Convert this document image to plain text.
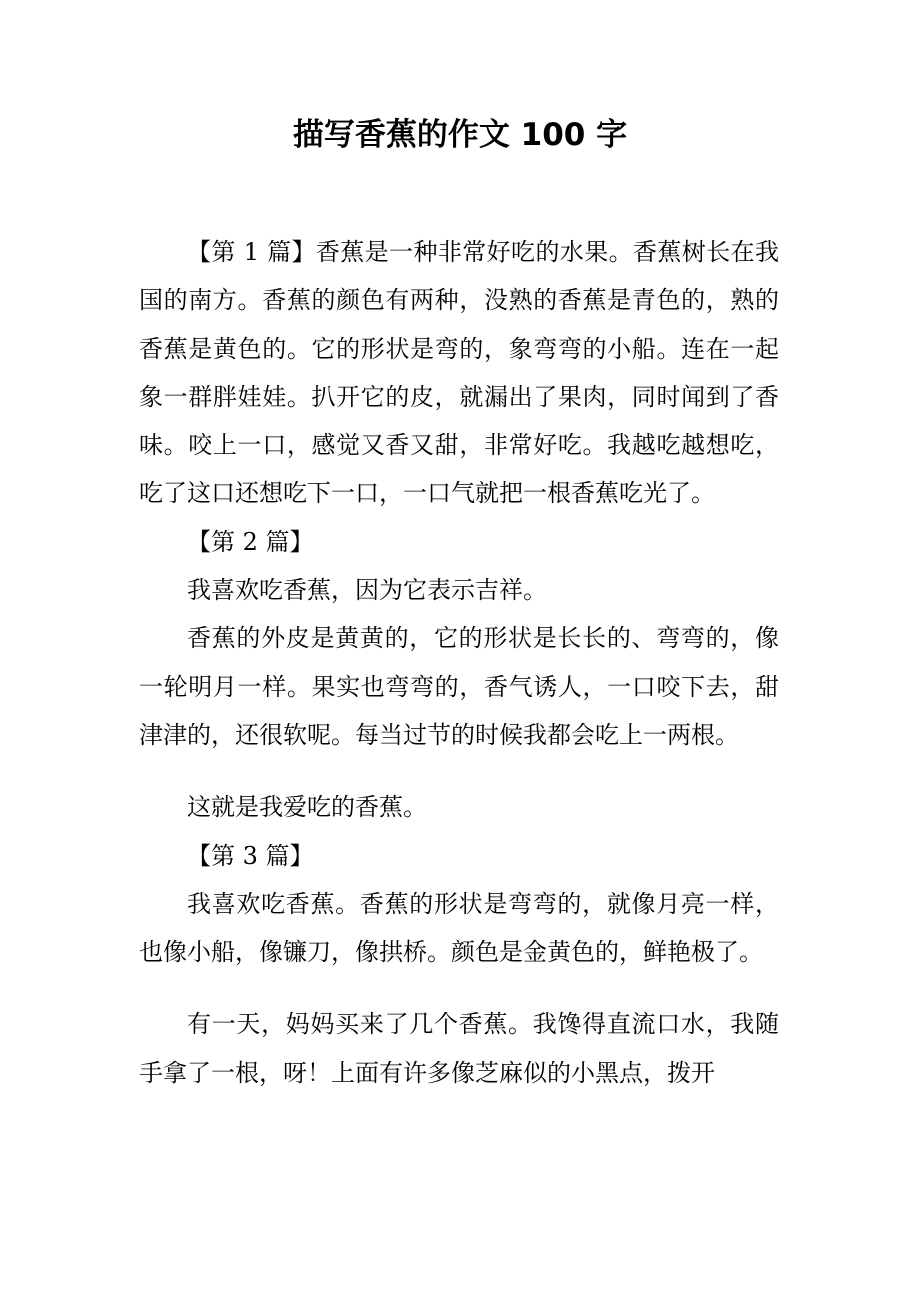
描写香蕉的作文 100 字

【第 1 篇】香蕉是一种非常好吃的水果。香蕉树长在我国的南方。香蕉的颜色有两种，没熟的香蕉是青色的，熟的香蕉是黄色的。它的形状是弯的，象弯弯的小船。连在一起象一群胖娃娃。扒开它的皮，就漏出了果肉，同时闻到了香味。咬上一口，感觉又香又甜，非常好吃。我越吃越想吃，吃了这口还想吃下一口，一口气就把一根香蕉吃光了。

【第 2 篇】

我喜欢吃香蕉，因为它表示吉祥。

香蕉的外皮是黄黄的，它的形状是长长的、弯弯的，像一轮明月一样。果实也弯弯的，香气诱人，一口咬下去，甜津津的，还很软呢。每当过节的时候我都会吃上一两根。

这就是我爱吃的香蕉。

【第 3 篇】

我喜欢吃香蕉。香蕉的形状是弯弯的，就像月亮一样，也像小船，像镰刀，像拱桥。颜色是金黄色的，鲜艳极了。

有一天，妈妈买来了几个香蕉。我馋得直流口水，我随手拿了一根，呀！上面有许多像芝麻似的小黑点，拨开
